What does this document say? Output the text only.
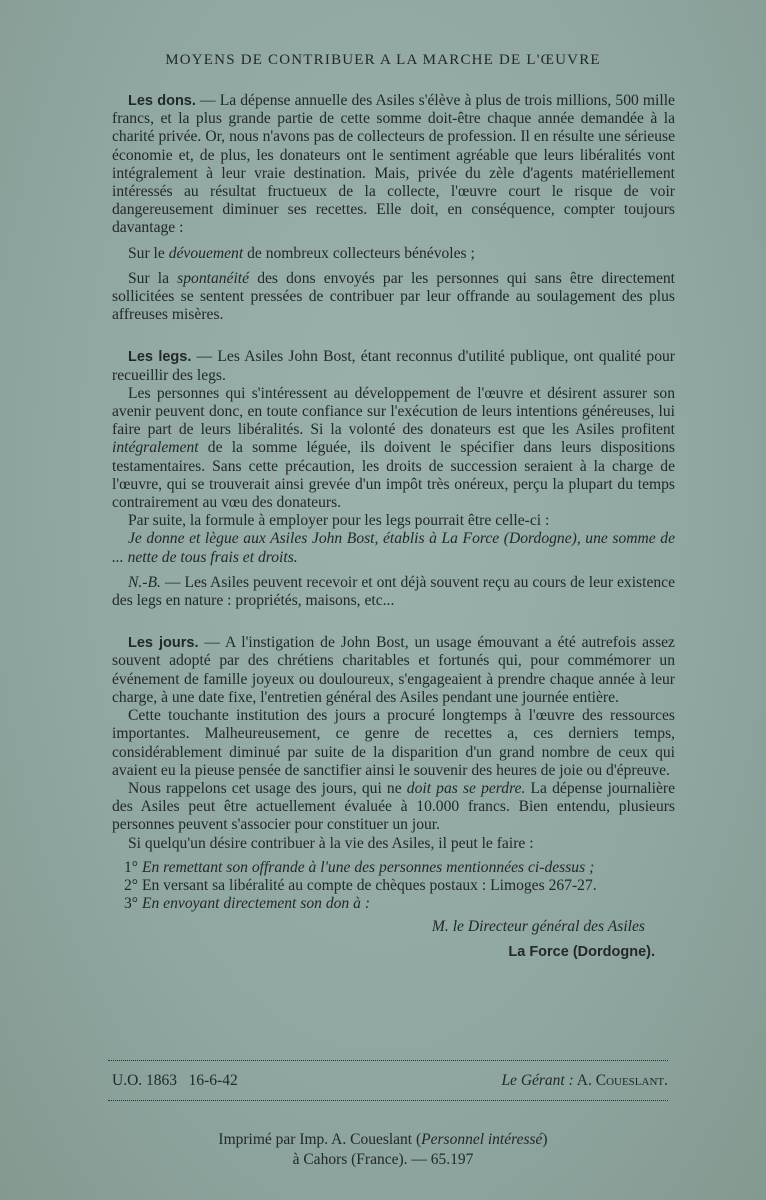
MOYENS DE CONTRIBUER A LA MARCHE DE L'ŒUVRE

Les dons. — La dépense annuelle des Asiles s'élève à plus de trois millions, 500 mille francs, et la plus grande partie de cette somme doit-être chaque année demandée à la charité privée. Or, nous n'avons pas de collecteurs de profession. Il en résulte une sérieuse économie et, de plus, les donateurs ont le sentiment agréable que leurs libéralités vont intégralement à leur vraie destination. Mais, privée du zèle d'agents matériellement intéressés au résultat fructueux de la collecte, l'œuvre court le risque de voir dangereusement diminuer ses recettes. Elle doit, en conséquence, compter toujours davantage :

Sur le dévouement de nombreux collecteurs bénévoles ;

Sur la spontanéité des dons envoyés par les personnes qui sans être directement sollicitées se sentent pressées de contribuer par leur offrande au soulagement des plus affreuses misères.

Les legs. — Les Asiles John Bost, étant reconnus d'utilité publique, ont qualité pour recueillir des legs.

Les personnes qui s'intéressent au développement de l'œuvre et désirent assurer son avenir peuvent donc, en toute confiance sur l'exécution de leurs intentions généreuses, lui faire part de leurs libéralités. Si la volonté des donateurs est que les Asiles profitent intégralement de la somme léguée, ils doivent le spécifier dans leurs dispositions testamentaires. Sans cette précaution, les droits de succession seraient à la charge de l'œuvre, qui se trouverait ainsi grevée d'un impôt très onéreux, perçu la plupart du temps contrairement au vœu des donateurs.

Par suite, la formule à employer pour les legs pourrait être celle-ci :

Je donne et lègue aux Asiles John Bost, établis à La Force (Dordogne), une somme de ... nette de tous frais et droits.

N.-B. — Les Asiles peuvent recevoir et ont déjà souvent reçu au cours de leur existence des legs en nature : propriétés, maisons, etc...

Les jours. — A l'instigation de John Bost, un usage émouvant a été autrefois assez souvent adopté par des chrétiens charitables et fortunés qui, pour commémorer un événement de famille joyeux ou douloureux, s'engageaient à prendre chaque année à leur charge, à une date fixe, l'entretien général des Asiles pendant une journée entière.

Cette touchante institution des jours a procuré longtemps à l'œuvre des ressources importantes. Malheureusement, ce genre de recettes a, ces derniers temps, considérablement diminué par suite de la disparition d'un grand nombre de ceux qui avaient eu la pieuse pensée de sanctifier ainsi le souvenir des heures de joie ou d'épreuve.

Nous rappelons cet usage des jours, qui ne doit pas se perdre. La dépense journalière des Asiles peut être actuellement évaluée à 10.000 francs. Bien entendu, plusieurs personnes peuvent s'associer pour constituer un jour.

Si quelqu'un désire contribuer à la vie des Asiles, il peut le faire :

1° En remettant son offrande à l'une des personnes mentionnées ci-dessus ;

2° En versant sa libéralité au compte de chèques postaux : Limoges 267-27.

3° En envoyant directement son don à :

M. le Directeur général des Asiles

La Force (Dordogne).

U.O. 1863   16-6-42	Le Gérant : A. Coueslant.
Imprimé par Imp. A. Coueslant (Personnel intéressé)
à Cahors (France). — 65.197
